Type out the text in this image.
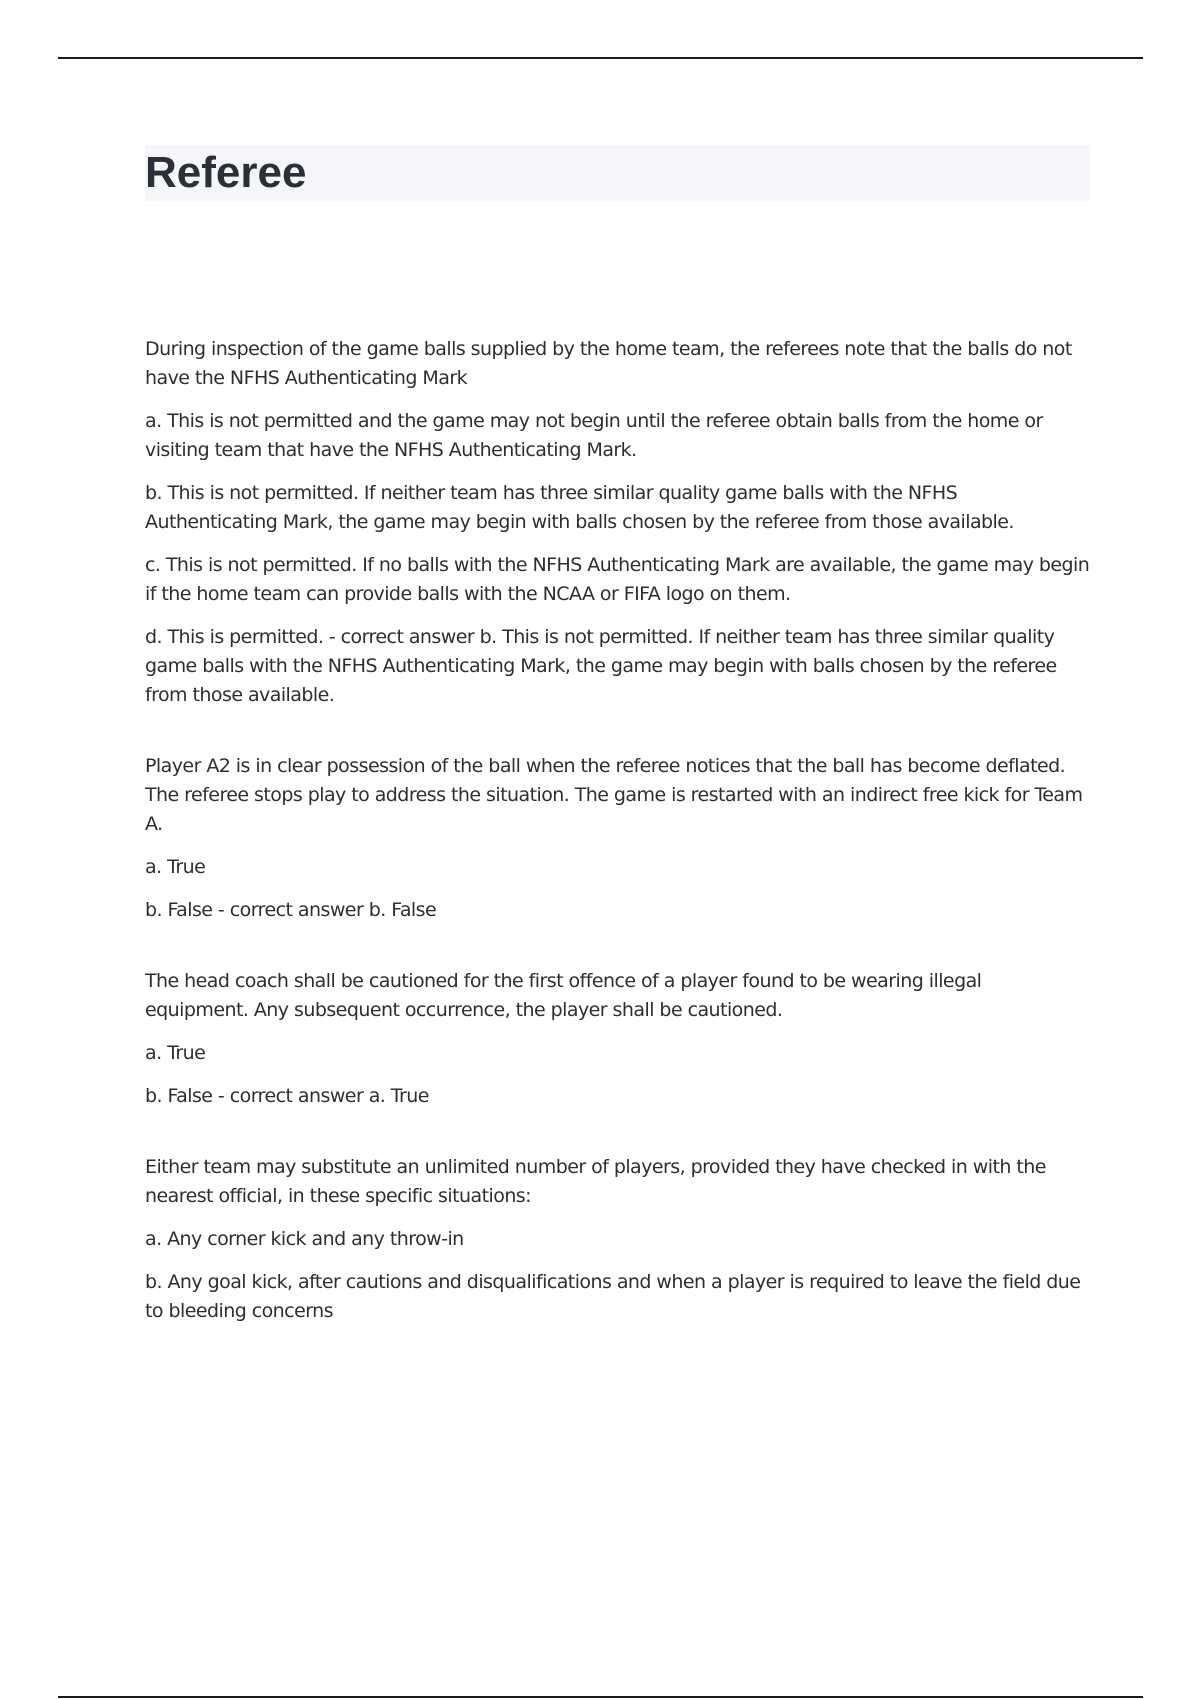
Referee

During inspection of the game balls supplied by the home team, the referees note that the balls do not have the NFHS Authenticating Mark

a. This is not permitted and the game may not begin until the referee obtain balls from the home or visiting team that have the NFHS Authenticating Mark.

b. This is not permitted. If neither team has three similar quality game balls with the NFHS Authenticating Mark, the game may begin with balls chosen by the referee from those available.

c. This is not permitted. If no balls with the NFHS Authenticating Mark are available, the game may begin if the home team can provide balls with the NCAA or FIFA logo on them.

d. This is permitted. - correct answer b. This is not permitted. If neither team has three similar quality game balls with the NFHS Authenticating Mark, the game may begin with balls chosen by the referee from those available.

Player A2 is in clear possession of the ball when the referee notices that the ball has become deflated. The referee stops play to address the situation. The game is restarted with an indirect free kick for Team A.

a. True

b. False - correct answer b. False

The head coach shall be cautioned for the first offence of a player found to be wearing illegal equipment. Any subsequent occurrence, the player shall be cautioned.

a. True

b. False - correct answer a. True

Either team may substitute an unlimited number of players, provided they have checked in with the nearest official, in these specific situations:

a. Any corner kick and any throw-in

b. Any goal kick, after cautions and disqualifications and when a player is required to leave the field due to bleeding concerns
